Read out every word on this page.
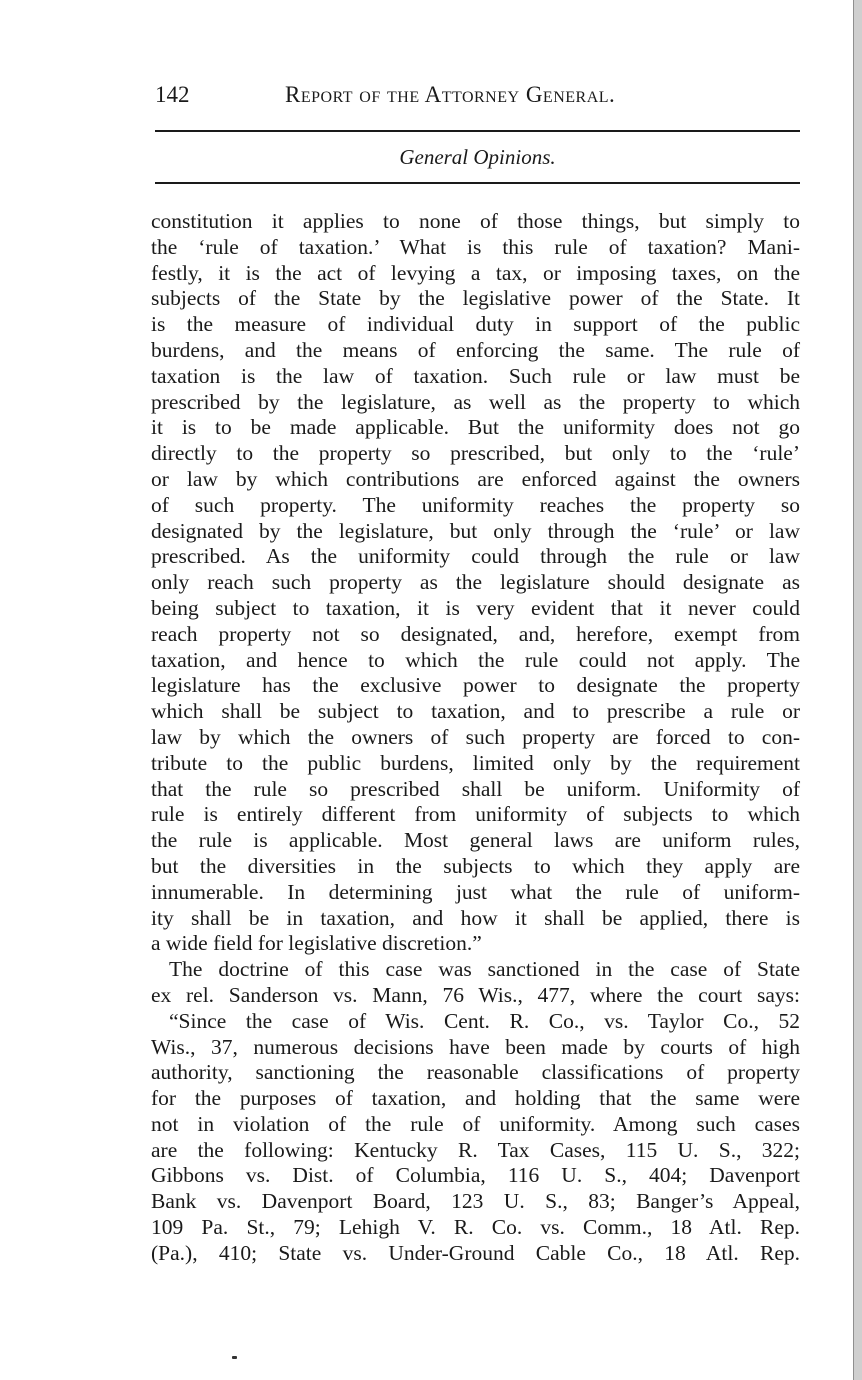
142	Report of the Attorney General.
General Opinions.
constitution it applies to none of those things, but simply to
the ‘rule of taxation.’ What is this rule of taxation? Mani-
festly, it is the act of levying a tax, or imposing taxes, on the
subjects of the State by the legislative power of the State. It
is the measure of individual duty in support of the public
burdens, and the means of enforcing the same. The rule of
taxation is the law of taxation. Such rule or law must be
prescribed by the legislature, as well as the property to which
it is to be made applicable. But the uniformity does not go
directly to the property so prescribed, but only to the ‘rule’
or law by which contributions are enforced against the owners
of such property. The uniformity reaches the property so
designated by the legislature, but only through the ‘rule’ or law
prescribed. As the uniformity could through the rule or law
only reach such property as the legislature should designate as
being subject to taxation, it is very evident that it never could
reach property not so designated, and, herefore, exempt from
taxation, and hence to which the rule could not apply. The
legislature has the exclusive power to designate the property
which shall be subject to taxation, and to prescribe a rule or
law by which the owners of such property are forced to con-
tribute to the public burdens, limited only by the requirement
that the rule so prescribed shall be uniform. Uniformity of
rule is entirely different from uniformity of subjects to which
the rule is applicable. Most general laws are uniform rules,
but the diversities in the subjects to which they apply are
innumerable. In determining just what the rule of uniform-
ity shall be in taxation, and how it shall be applied, there is
a wide field for legislative discretion.”
The doctrine of this case was sanctioned in the case of State
ex rel. Sanderson vs. Mann, 76 Wis., 477, where the court says:
“Since the case of Wis. Cent. R. Co., vs. Taylor Co., 52
Wis., 37, numerous decisions have been made by courts of high
authority, sanctioning the reasonable classifications of property
for the purposes of taxation, and holding that the same were
not in violation of the rule of uniformity. Among such cases
are the following: Kentucky R. Tax Cases, 115 U. S., 322;
Gibbons vs. Dist. of Columbia, 116 U. S., 404; Davenport
Bank vs. Davenport Board, 123 U. S., 83; Banger’s Appeal,
109 Pa. St., 79; Lehigh V. R. Co. vs. Comm., 18 Atl. Rep.
(Pa.), 410; State vs. Under-Ground Cable Co., 18 Atl. Rep.
